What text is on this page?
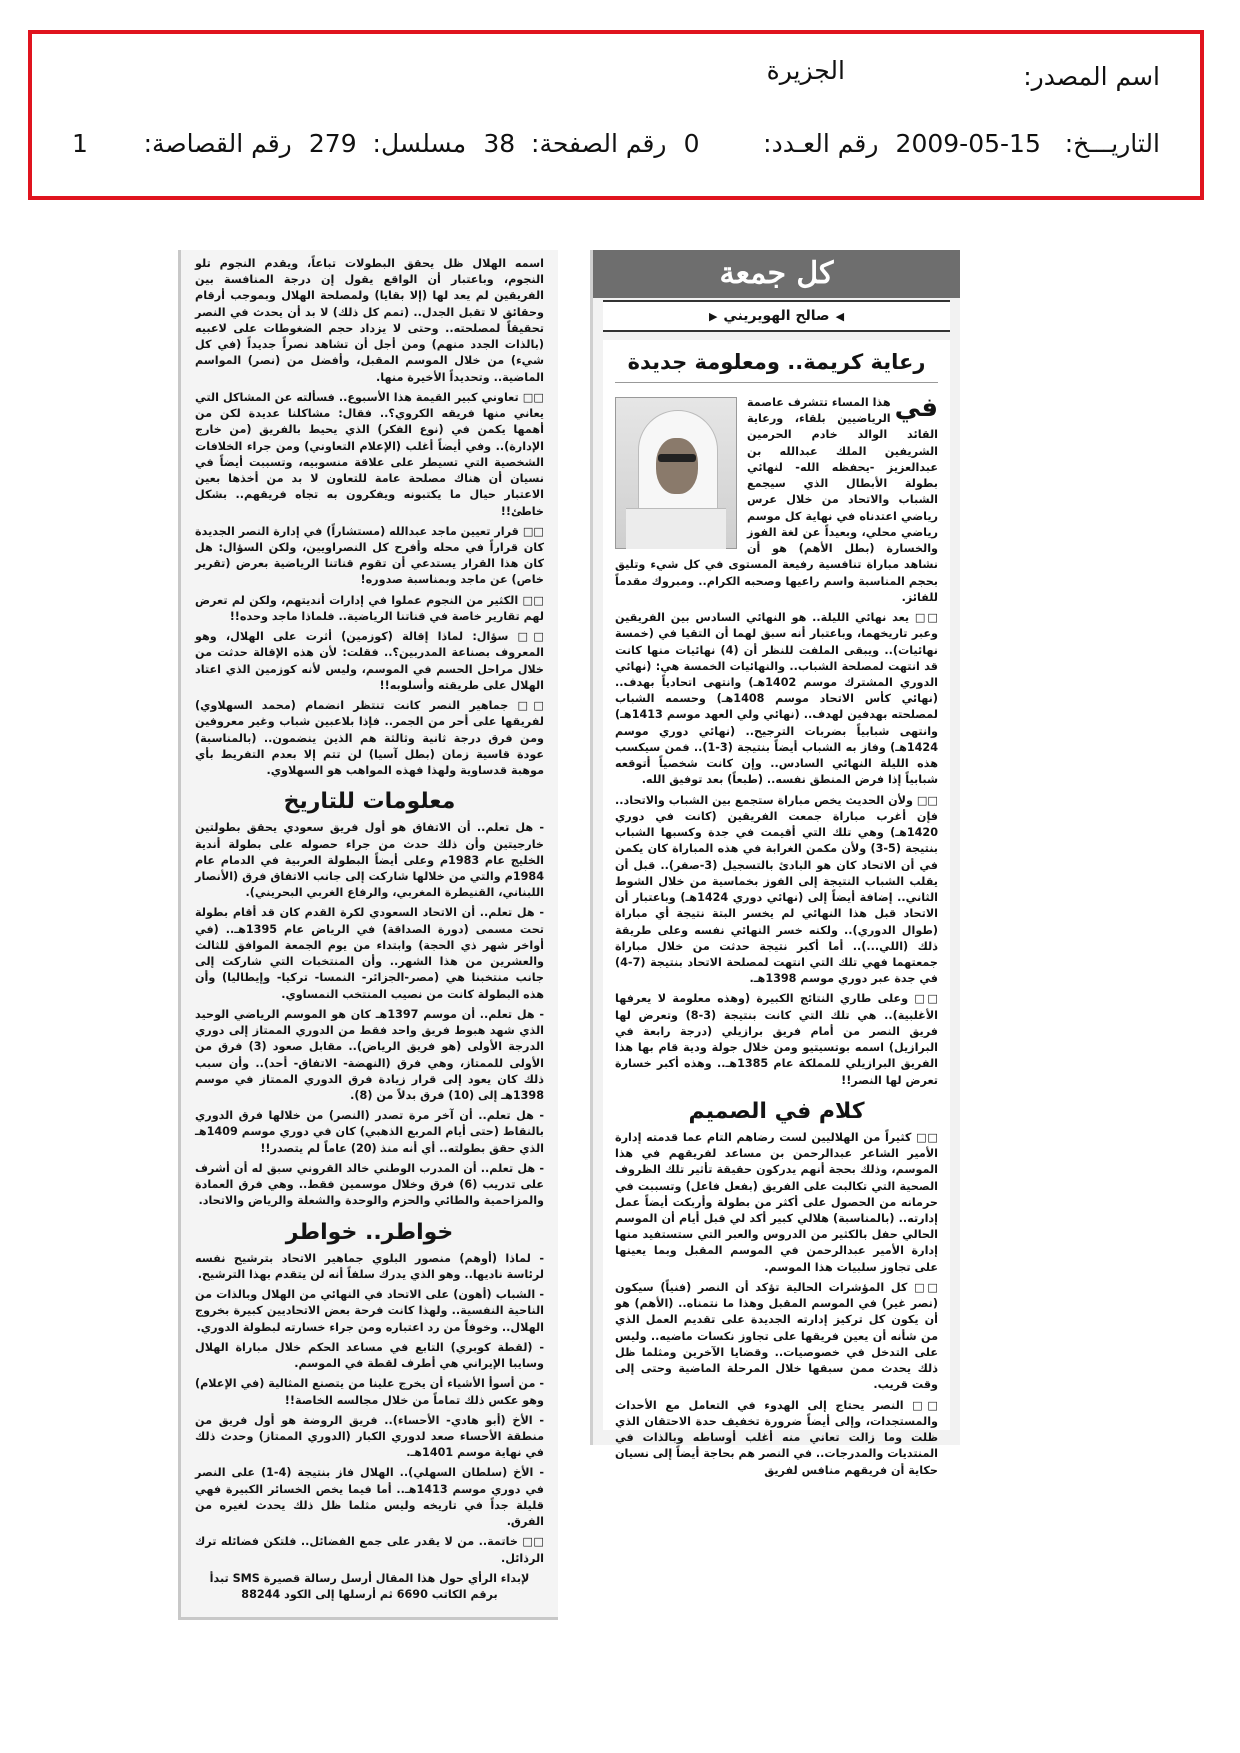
اسم المصدر:
الجزيرة
التاريـــخ:   15-05-2009
رقم العـدد:        0
رقم الصفحة:  38
مسلسل:  279
رقم القصاصة:       1
كل جمعة
◀
صالح الهويريني
▶
رعاية كريمة.. ومعلومة جديدة

في
هذا المساء تتشرف عاصمة الرياضيين بلقاء، ورعاية القائد الوالد خادم الحرمين الشريفين الملك عبدالله بن عبدالعزيز -يحفظه الله- لنهائي بطولة الأبطال الذي سيجمع الشباب والاتحاد من خلال عرس رياضي اعتدناه في نهاية كل موسم رياضي محلي، وبعيداً عن لغة الفوز والخسارة (بطل الأهم) هو أن نشاهد مباراة تنافسية رفيعة المستوى في كل شيء وتليق بحجم المناسبة واسم راعيها وصحبه الكرام.. ومبروك مقدماً للفائز.

□□ يعد نهائي الليلة.. هو النهائي السادس بين الفريقين وعبر تاريخهما، وباعتبار أنه سبق لهما أن التقيا في (خمسة نهائيات).. ويبقى الملفت للنظر أن (4) نهائيات منها كانت قد انتهت لمصلحة الشباب.. والنهائيات الخمسة هي: (نهائي الدوري المشترك موسم 1402هـ) وانتهى اتحادياً بهدف.. (نهائي كأس الاتحاد موسم 1408هـ) وحسمه الشباب لمصلحته بهدفين لهدف.. (نهائي ولي العهد موسم 1413هـ) وانتهى شبابياً بضربات الترجيح.. (نهائي دوري موسم 1424هـ) وفاز به الشباب أيضاً بنتيجة (3-1).. فمن سيكسب هذه الليلة النهائي السادس.. وإن كانت شخصياً أتوقعه شبابياً إذا فرض المنطق نفسه.. (طبعاً) بعد توفيق الله.

□□ ولأن الحديث يخص مباراة ستجمع بين الشباب والاتحاد.. فإن أغرب مباراة جمعت الفريقين (كانت في دوري 1420هـ) وهي تلك التي أقيمت في جدة وكسبها الشباب بنتيجة (5-3) ولأن مكمن الغرابة في هذه المباراة كان يكمن في أن الاتحاد كان هو البادئ بالتسجيل (3-صفر).. قبل أن يقلب الشباب النتيجة إلى الفوز بخماسية من خلال الشوط الثاني.. إضافة أيضاً إلى (نهائي دوري 1424هـ) وباعتبار أن الاتحاد قبل هذا النهائي لم يخسر البتة نتيجة أي مباراة (طوال الدوري).. ولكنه خسر النهائي نفسه وعلى طريقة ذلك (اللي...).. أما أكبر نتيجة حدثت من خلال مباراة جمعتهما فهي تلك التي انتهت لمصلحة الاتحاد بنتيجة (7-4) في جدة عبر دوري موسم 1398هـ.

□□ وعلى طاري النتائج الكبيرة (وهذه معلومة لا يعرفها الأغلبية).. هي تلك التي كانت بنتيجة (3-8) وتعرض لها فريق النصر من أمام فريق برازيلي (درجة رابعة في البرازيل) اسمه بوتسيتيو ومن خلال جولة ودية قام بها هذا الفريق البرازيلي للمملكة عام 1385هـ.. وهذه أكبر خسارة تعرض لها النصر!!

كلام في الصميم

□□ كثيراً من الهلاليين لست رضاهم التام عما قدمته إدارة الأمير الشاعر عبدالرحمن بن مساعد لفريقهم في هذا الموسم، وذلك بحجة أنهم يدركون حقيقة تأثير تلك الظروف الصحية التي تكالبت على الفريق (بفعل فاعل) وتسببت في حرمانه من الحصول على أكثر من بطولة وأربكت أيضاً عمل إدارته.. (بالمناسبة) هلالي كبير أكد لي قبل أيام أن الموسم الحالي حفل بالكثير من الدروس والعبر التي ستستفيد منها إدارة الأمير عبدالرحمن في الموسم المقبل وبما يعينها على تجاوز سلبيات هذا الموسم.

□□ كل المؤشرات الحالية تؤكد أن النصر (فنياً) سيكون (نصر غير) في الموسم المقبل وهذا ما نتمناه.. (الأهم) هو أن يكون كل تركيز إدارته الجديدة على تقديم العمل الذي من شأنه أن يعين فريقها على تجاوز نكسات ماضيه.. وليس على التدخل في خصوصيات.. وقضايا الآخرين ومثلما ظل ذلك يحدث ممن سبقها خلال المرحلة الماضية وحتى إلى وقت قريب.

□□ النصر يحتاج إلى الهدوء في التعامل مع الأحداث والمستجدات، وإلى أيضاً ضرورة تخفيف حدة الاحتقان الذي ظلت وما زالت تعاني منه أغلب أوساطه وبالذات في المنتديات والمدرجات.. في النصر هم بحاجة أيضاً إلى نسيان حكاية أن فريقهم منافس لفريق

اسمه الهلال ظل يحقق البطولات تباعاً، ويقدم النجوم تلو النجوم، وباعتبار أن الواقع يقول إن درجة المنافسة بين الفريقين لم يعد لها (إلا بقايا) ولمصلحة الهلال وبموجب أرقام وحقائق لا تقبل الجدل.. (تمم كل ذلك) لا بد أن يحدث في النصر تحقيقاً لمصلحته.. وحتى لا يزداد حجم الضغوطات على لاعبيه (بالذات الجدد منهم) ومن أجل أن تشاهد نصراً جديداً (في كل شيء) من خلال الموسم المقبل، وأفضل من (نصر) المواسم الماضية.. وتحديداً الأخيرة منها.

□□ تعاوني كبير القيمة هذا الأسبوع.. فسألته عن المشاكل التي يعاني منها فريقه الكروي؟.. فقال: مشاكلنا عديدة لكن من أهمها يكمن في (نوع الفكر) الذي يحيط بالفريق (من خارج الإدارة).. وفي أيضاً أغلب (الإعلام التعاوني) ومن جراء الخلافات الشخصية التي تسيطر على علاقة منسوبيه، وتسببت أيضاً في نسيان أن هناك مصلحة عامة للتعاون لا بد من أخذها بعين الاعتبار حيال ما يكتبونه ويفكرون به تجاه فريقهم.. بشكل خاطئ!!

□□ قرار تعيين ماجد عبدالله (مستشاراً) في إدارة النصر الجديدة كان قراراً في محله وأفرح كل النصراويين، ولكن السؤال: هل كان هذا القرار يستدعي أن تقوم قناتنا الرياضية بعرض (تقرير خاص) عن ماجد وبمناسبة صدوره!

□□ الكثير من النجوم عملوا في إدارات أنديتهم، ولكن لم تعرض لهم تقارير خاصة في قناتنا الرياضية.. فلماذا ماجد وحده!!

□□ سؤال: لماذا إقالة (كوزمين) أثرت على الهلال، وهو المعروف بصناعة المدربين؟.. فقلت: لأن هذه الإقالة حدثت من خلال مراحل الحسم في الموسم، وليس لأنه كوزمين الذي اعتاد الهلال على طريقته وأسلوبه!!

□□ جماهير النصر كانت تنتظر انضمام (محمد السهلاوي) لفريقها على أحر من الجمر.. فإذا بلاعبين شباب وغير معروفين ومن فرق درجة ثانية وثالثة هم الذين ينضمون.. (بالمناسبة) عودة قاسية زمان (بطل آسيا) لن تتم إلا بعدم التفريط بأي موهبة قدساوية ولهذا فهذه المواهب هو السهلاوي.

معلومات للتاريخ

- هل تعلم.. أن الاتفاق هو أول فريق سعودي يحقق بطولتين خارجيتين وأن ذلك حدث من جراء حصوله على بطولة أندية الخليج عام 1983م وعلى أيضاً البطولة العربية في الدمام عام 1984م والتي من خلالها شاركت إلى جانب الاتفاق فرق (الأنصار اللبناني، القنيطرة المغربي، والرفاع الغربي البحريني).

- هل تعلم.. أن الاتحاد السعودي لكرة القدم كان قد أقام بطولة تحت مسمى (دورة الصداقة) في الرياض عام 1395هـ.. (في أواخر شهر ذي الحجة) وابتداء من يوم الجمعة الموافق للثالث والعشرين من هذا الشهر.. وأن المنتخبات التي شاركت إلى جانب منتخبنا هي (مصر-الجزائر- النمسا- تركيا- وإيطاليا) وأن هذه البطولة كانت من نصيب المنتخب النمساوي.

- هل تعلم.. أن موسم 1397هـ كان هو الموسم الرياضي الوحيد الذي شهد هبوط فريق واحد فقط من الدوري الممتاز إلى دوري الدرجة الأولى (هو فريق الرياض).. مقابل صعود (3) فرق من الأولى للممتاز، وهي فرق (النهضة- الاتفاق- أحد).. وأن سبب ذلك كان يعود إلى قرار زيادة فرق الدوري الممتاز في موسم 1398هـ إلى (10) فرق بدلاً من (8).

- هل تعلم.. أن آخر مرة تصدر (النصر) من خلالها فرق الدوري بالنقاط (حتى أيام المربع الذهبي) كان في دوري موسم 1409هـ الذي حقق بطولته.. أي أنه منذ (20) عاماً لم يتصدر!!

- هل تعلم.. أن المدرب الوطني خالد القروني سبق له أن أشرف على تدريب (6) فرق وخلال موسمين فقط.. وهي فرق العمادة والمزاحمية والطائي والحزم والوحدة والشعلة والرياض والاتحاد.

خواطر.. خواطر

- لماذا (أوهم) منصور البلوي جماهير الاتحاد بترشيح نفسه لرئاسة ناديها.. وهو الذي يدرك سلفاً أنه لن يتقدم بهذا الترشيح.

- الشباب (أهون) على الاتحاد في النهائي من الهلال وبالذات من الناحية النفسية.. ولهذا كانت فرحة بعض الاتحاديين كبيرة بخروج الهلال.. وخوفاً من رد اعتباره ومن جراء خسارته لبطولة الدوري.

- (لقطة كوبري) التابع في مساعد الحكم خلال مباراة الهلال وسايبا الإيراني هي أطرف لقطة في الموسم.

- من أسوأ الأشياء أن يخرج علينا من يتصنع المثالية (في الإعلام) وهو عكس ذلك تماماً من خلال مجالسه الخاصة!!

- الأخ (أبو هادي- الأحساء).. فريق الروضة هو أول فريق من منطقة الأحساء صعد لدوري الكبار (الدوري الممتاز) وحدث ذلك في نهاية موسم 1401هـ.

- الأخ (سلطان السهلي).. الهلال فاز بنتيجة (4-1) على النصر في دوري موسم 1413هـ.. أما فيما يخص الخسائر الكبيرة فهي قليلة جداً في تاريخه وليس مثلما ظل ذلك يحدث لغيره من الفرق.

□□ خاتمة.. من لا يقدر على جمع الفضائل.. فلتكن فضائله ترك الرذائل.

لإبداء الرأي حول هذا المقال أرسل رسالة قصيرة SMS تبدأ برقم الكاتب 6690 ثم أرسلها إلى الكود 88244
